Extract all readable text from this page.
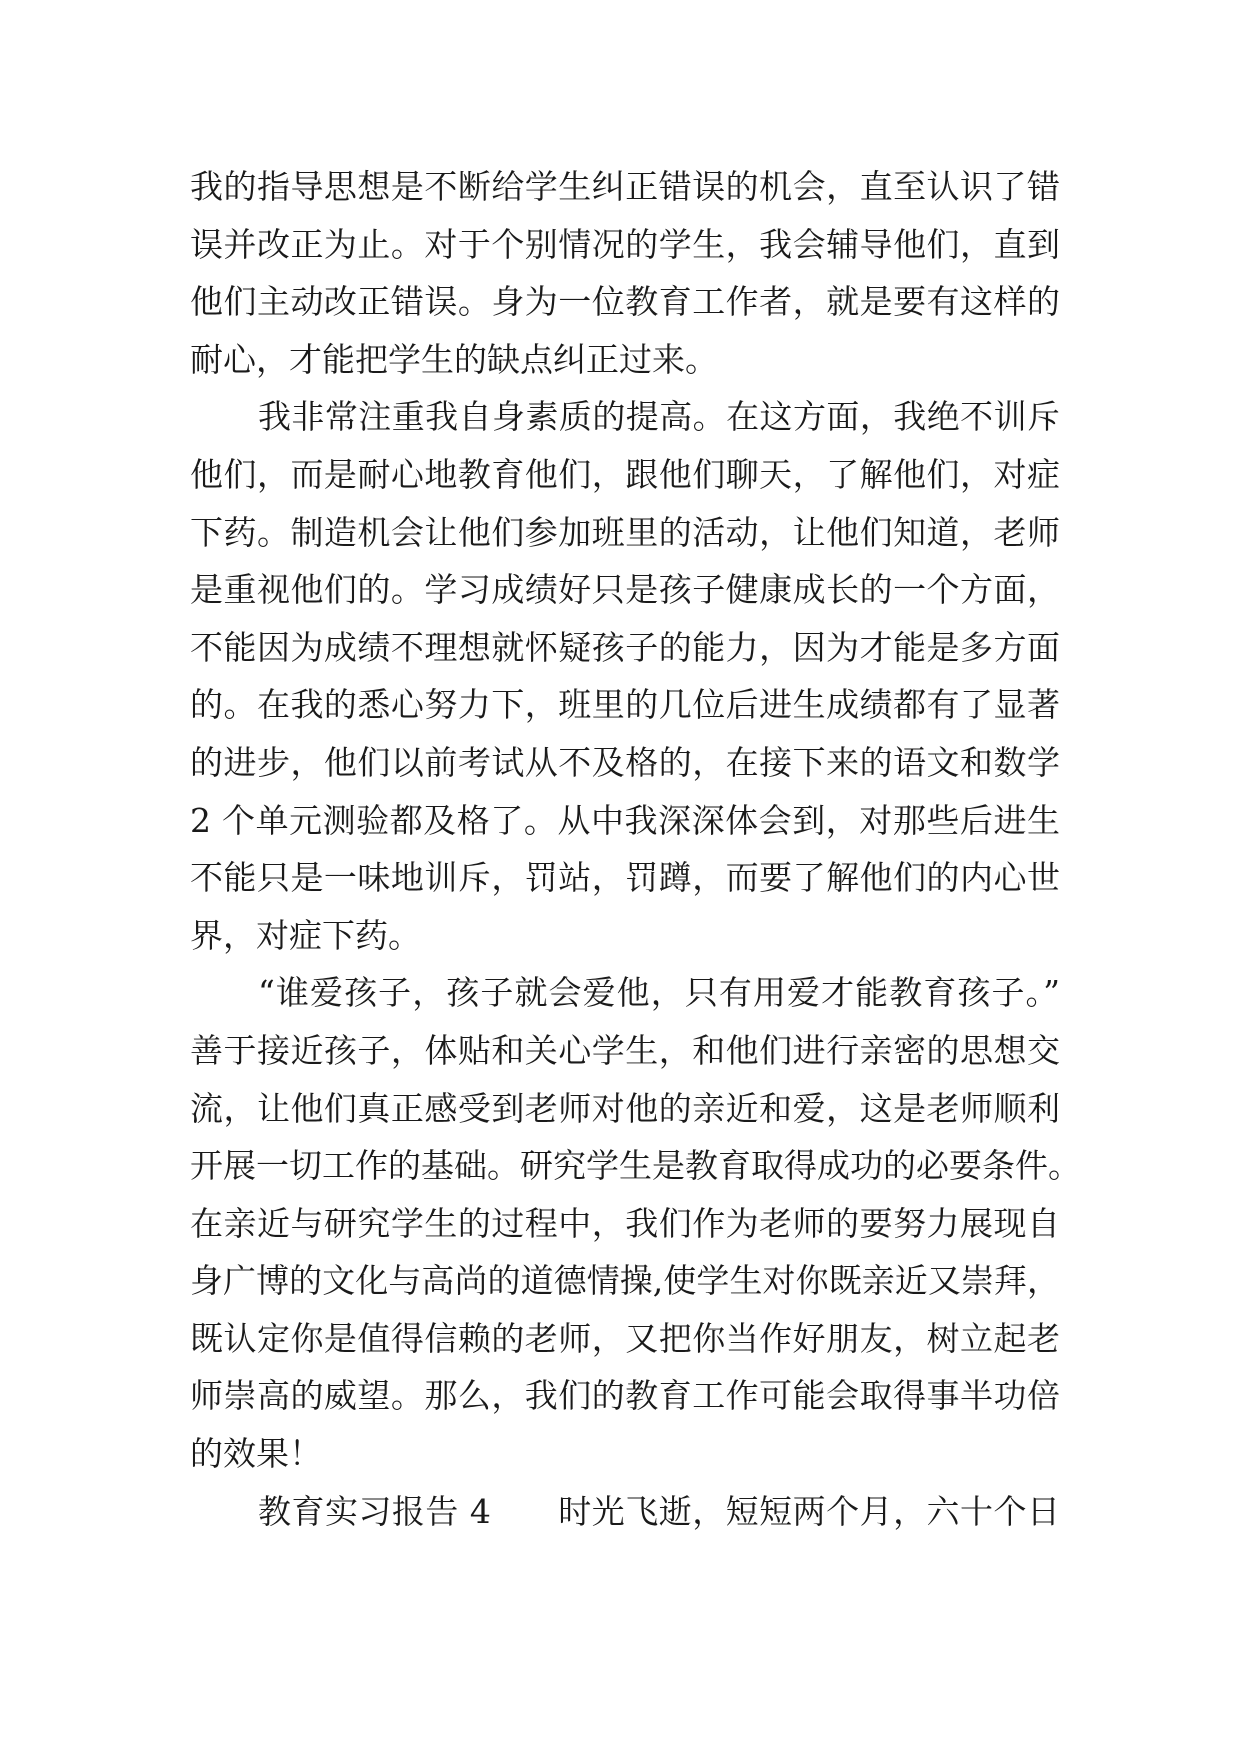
我的指导思想是不断给学生纠正错误的机会，直至认识了错
误并改正为止。对于个别情况的学生，我会辅导他们，直到
他们主动改正错误。身为一位教育工作者，就是要有这样的
耐心，才能把学生的缺点纠正过来。
我非常注重我自身素质的提高。在这方面，我绝不训斥
他们，而是耐心地教育他们，跟他们聊天，了解他们，对症
下药。制造机会让他们参加班里的活动，让他们知道，老师
是重视他们的。学习成绩好只是孩子健康成长的一个方面，
不能因为成绩不理想就怀疑孩子的能力，因为才能是多方面
的。在我的悉心努力下，班里的几位后进生成绩都有了显著
的进步，他们以前考试从不及格的，在接下来的语文和数学
2 个单元测验都及格了。从中我深深体会到，对那些后进生
不能只是一味地训斥，罚站，罚蹲，而要了解他们的内心世
界，对症下药。
“谁爱孩子，孩子就会爱他，只有用爱才能教育孩子。”
善于接近孩子，体贴和关心学生，和他们进行亲密的思想交
流，让他们真正感受到老师对他的亲近和爱，这是老师顺利
开展一切工作的基础。研究学生是教育取得成功的必要条件。
在亲近与研究学生的过程中，我们作为老师的要努力展现自
身广博的文化与高尚的道德情操,使学生对你既亲近又崇拜，
既认定你是值得信赖的老师，又把你当作好朋友，树立起老
师崇高的威望。那么，我们的教育工作可能会取得事半功倍
的效果！
教育实习报告 4　　时光飞逝，短短两个月，六十个日
